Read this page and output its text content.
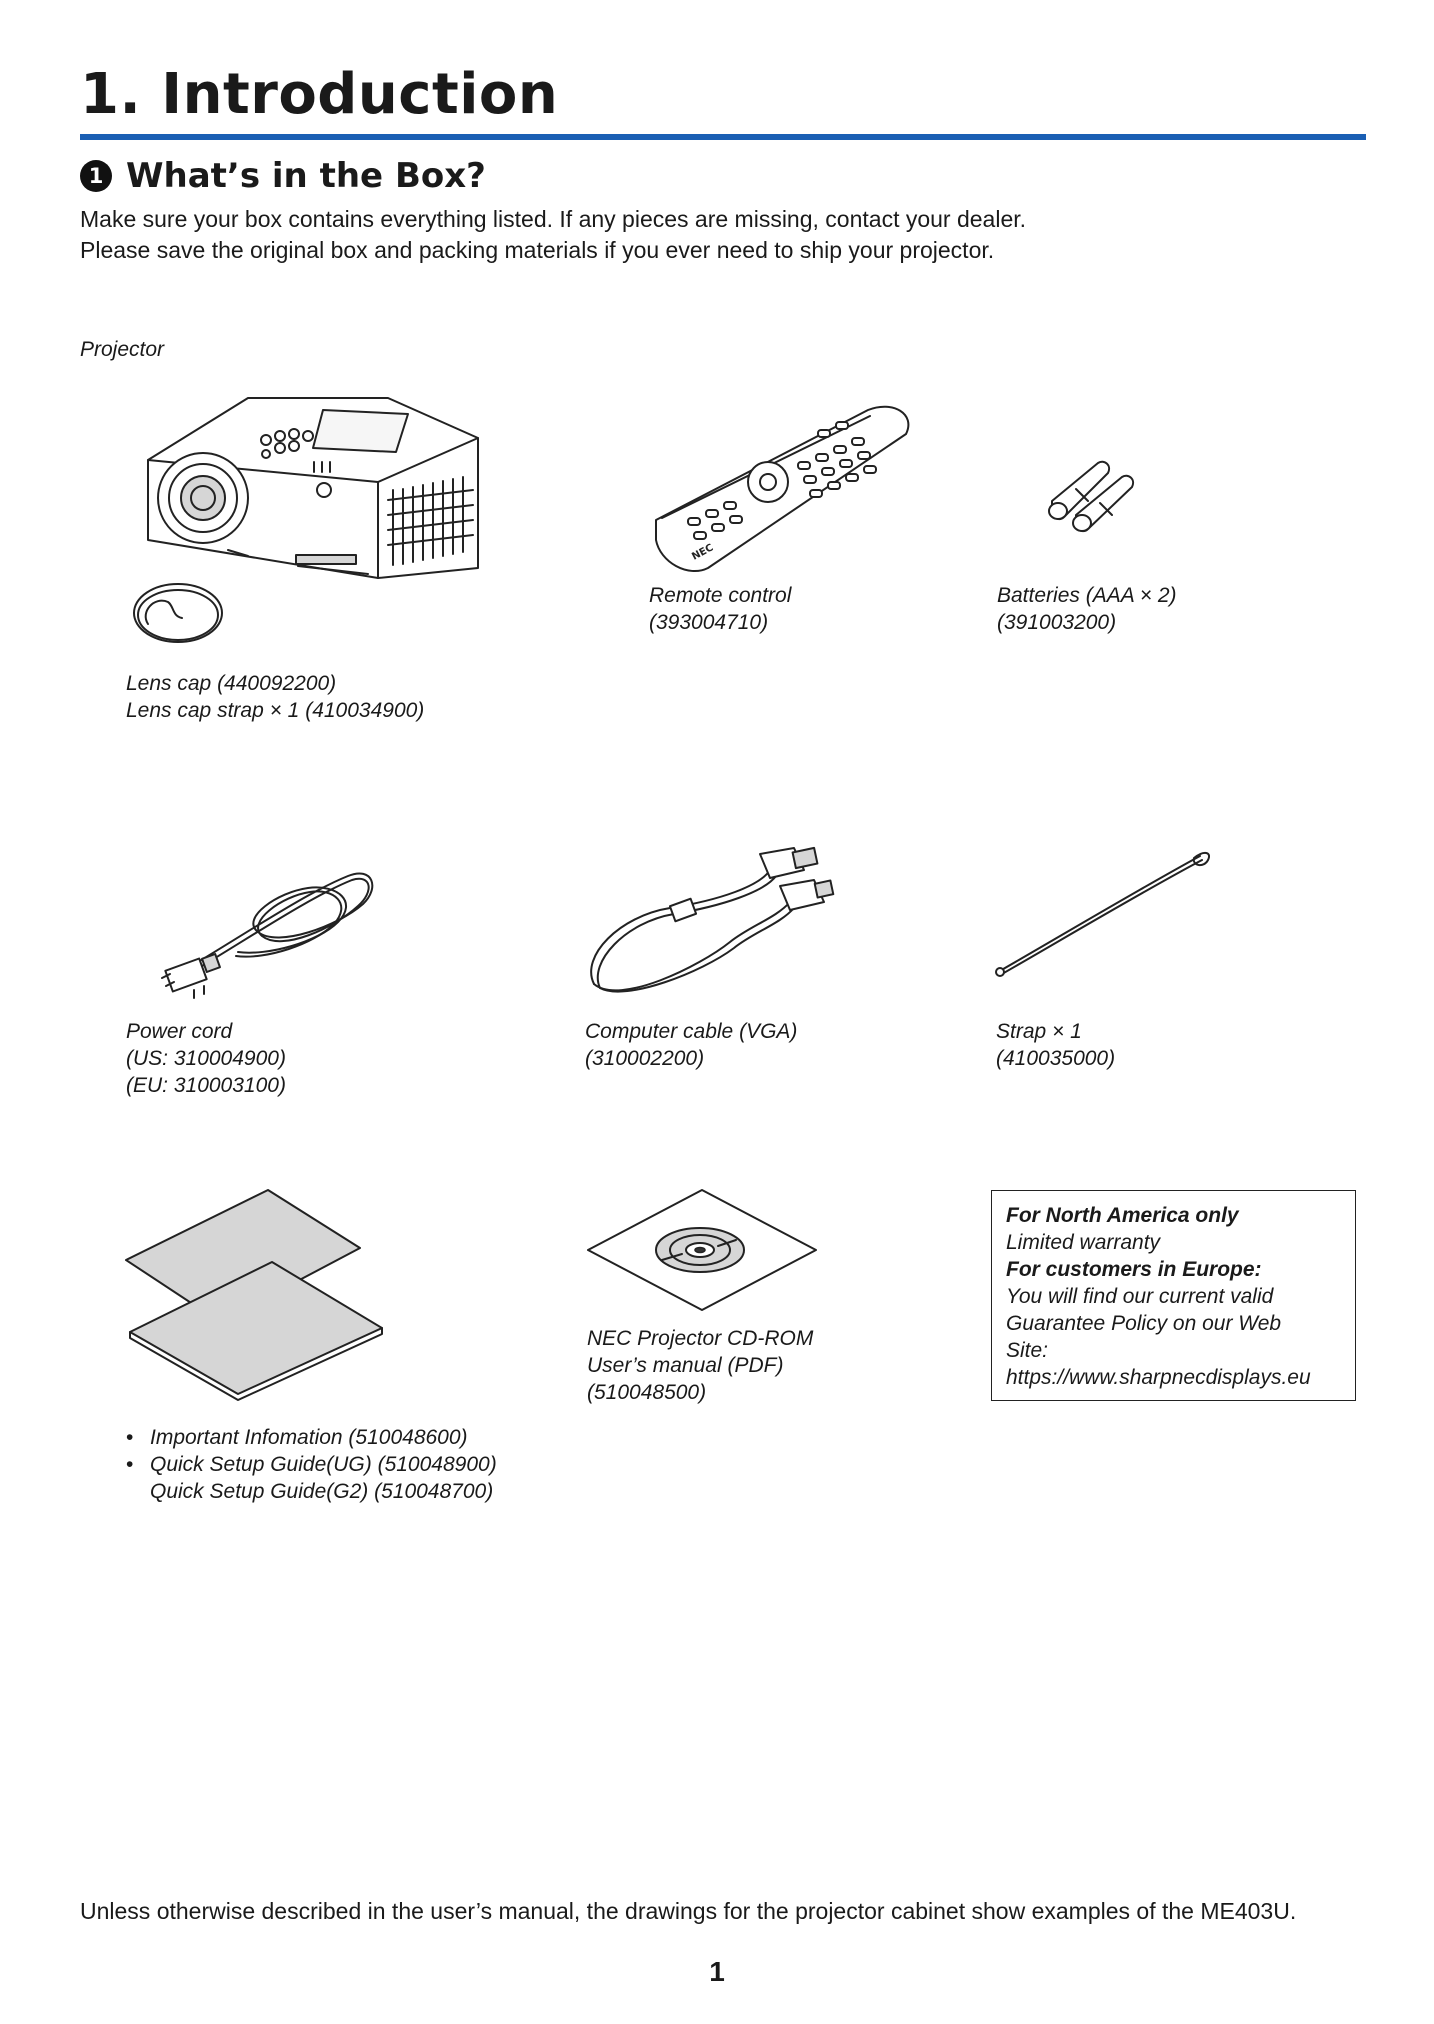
1. Introduction
1 What’s in the Box?
Make sure your box contains everything listed. If any pieces are missing, contact your dealer.
Please save the original box and packing materials if you ever need to ship your projector.
Projector
Lens cap (440092200)
Lens cap strap × 1 (410034900)
NEC
Remote control
(393004710)
Batteries (AAA × 2)
(391003200)
Power cord
(US: 310004900)
(EU: 310003100)
Computer cable (VGA)
(310002200)
Strap × 1
(410035000)
• Important Infomation (510048600)
• Quick Setup Guide(UG) (510048900)
Quick Setup Guide(G2) (510048700)
NEC Projector CD-ROM
User’s manual (PDF)
(510048500)
For North America only
Limited warranty
For customers in Europe:
You will find our current valid
Guarantee Policy on our Web
Site:
https://www.sharpnecdisplays.eu
Unless otherwise described in the user’s manual, the drawings for the projector cabinet show examples of the ME403U.
1
